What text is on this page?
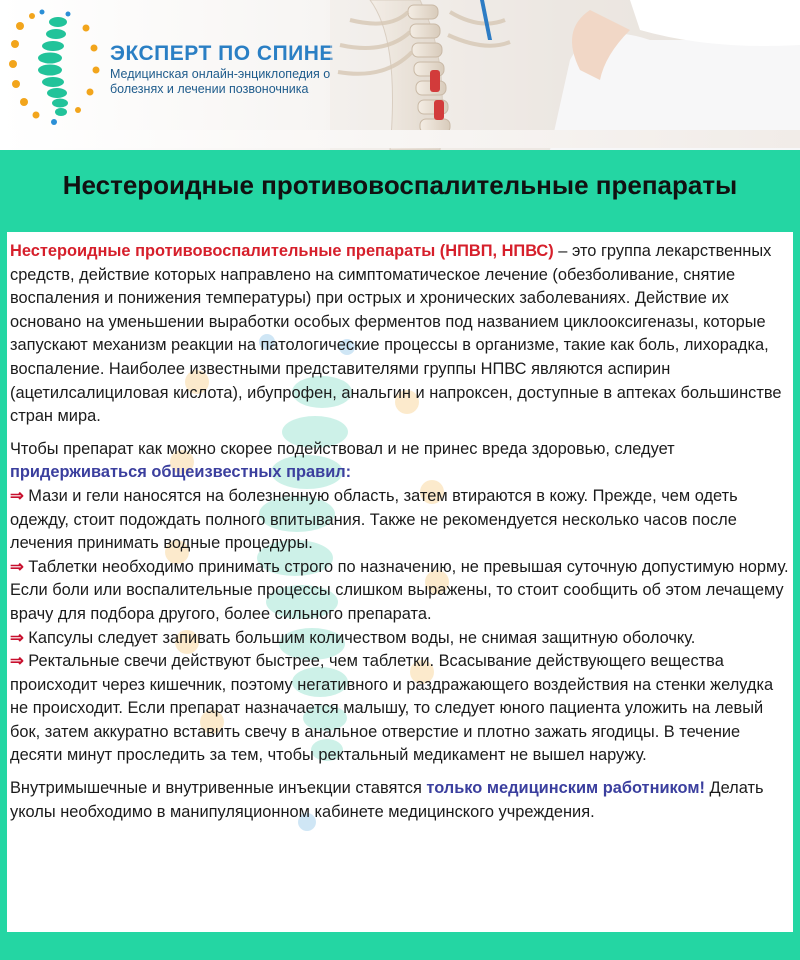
ЭКСПЕРТ ПО СПИНЕ
Медицинская онлайн-энциклопедия о
болезнях и лечении позвоночника
Нестероидные противовоспалительные препараты

Нестероидные противовоспалительные препараты (НПВП, НПВС) – это группа лекарственных средств, действие которых направлено на симптоматическое лечение (обезболивание, снятие воспаления и понижения температуры) при острых и хронических заболеваниях. Действие их основано на уменьшении выработки особых ферментов под названием циклооксигеназы, которые запускают механизм реакции на патологические процессы в организме, такие как боль, лихорадка, воспаление. Наиболее известными представителями группы НПВС являются аспирин (ацетилсалициловая кислота), ибупрофен, анальгин и напроксен, доступные в аптеках большинстве стран мира.

Чтобы препарат как можно скорее подействовал и не принес вреда здоровью, следует придерживаться общеизвестных правил:
⇒ Мази и гели наносятся на болезненную область, затем втираются в кожу. Прежде, чем одеть одежду, стоит подождать полного впитывания. Также не рекомендуется несколько часов после лечения принимать водные процедуры.
⇒ Таблетки необходимо принимать строго по назначению, не превышая суточную допустимую норму. Если боли или воспалительные процессы слишком выражены, то стоит сообщить об этом лечащему врачу для подбора другого, более сильного препарата.
⇒ Капсулы следует запивать большим количеством воды, не снимая защитную оболочку.
⇒ Ректальные свечи действуют быстрее, чем таблетки. Всасывание действующего вещества происходит через кишечник, поэтому негативного и раздражающего воздействия на стенки желудка не происходит. Если препарат назначается малышу, то следует юного пациента уложить на левый бок, затем аккуратно вставить свечу в анальное отверстие и плотно зажать ягодицы. В течение десяти минут проследить за тем, чтобы ректальный медикамент не вышел наружу.

Внутримышечные и внутривенные инъекции ставятся только медицинским работником! Делать уколы необходимо в манипуляционном кабинете медицинского учреждения.
